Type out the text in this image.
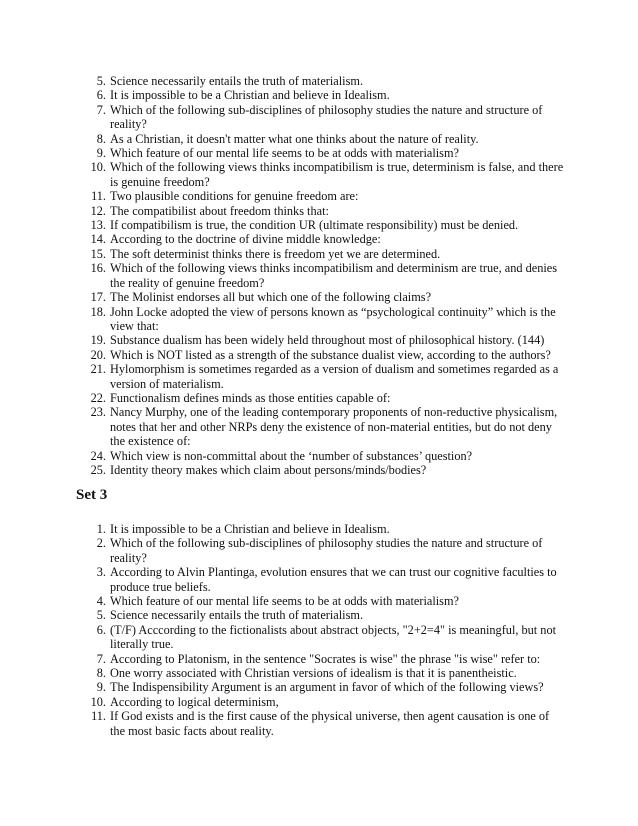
5. Science necessarily entails the truth of materialism.
6. It is impossible to be a Christian and believe in Idealism.
7. Which of the following sub-disciplines of philosophy studies the nature and structure of reality?
8. As a Christian, it doesn't matter what one thinks about the nature of reality.
9. Which feature of our mental life seems to be at odds with materialism?
10. Which of the following views thinks incompatibilism is true, determinism is false, and there is genuine freedom?
11. Two plausible conditions for genuine freedom are:
12. The compatibilist about freedom thinks that:
13. If compatibilism is true, the condition UR (ultimate responsibility) must be denied.
14. According to the doctrine of divine middle knowledge:
15. The soft determinist thinks there is freedom yet we are determined.
16. Which of the following views thinks incompatibilism and determinism are true, and denies the reality of genuine freedom?
17. The Molinist endorses all but which one of the following claims?
18. John Locke adopted the view of persons known as “psychological continuity” which is the view that:
19. Substance dualism has been widely held throughout most of philosophical history. (144)
20. Which is NOT listed as a strength of the substance dualist view, according to the authors?
21. Hylomorphism is sometimes regarded as a version of dualism and sometimes regarded as a version of materialism.
22. Functionalism defines minds as those entities capable of:
23. Nancy Murphy, one of the leading contemporary proponents of non-reductive physicalism, notes that her and other NRPs deny the existence of non-material entities, but do not deny the existence of:
24. Which view is non-committal about the ‘number of substances’ question?
25. Identity theory makes which claim about persons/minds/bodies?
Set 3
1. It is impossible to be a Christian and believe in Idealism.
2. Which of the following sub-disciplines of philosophy studies the nature and structure of reality?
3. According to Alvin Plantinga, evolution ensures that we can trust our cognitive faculties to produce true beliefs.
4. Which feature of our mental life seems to be at odds with materialism?
5. Science necessarily entails the truth of materialism.
6. (T/F) Acccording to the fictionalists about abstract objects, "2+2=4" is meaningful, but not literally true.
7. According to Platonism, in the sentence "Socrates is wise" the phrase "is wise" refer to:
8. One worry associated with Christian versions of idealism is that it is panentheistic.
9. The Indispensibility Argument is an argument in favor of which of the following views?
10. According to logical determinism,
11. If God exists and is the first cause of the physical universe, then agent causation is one of the most basic facts about reality.
